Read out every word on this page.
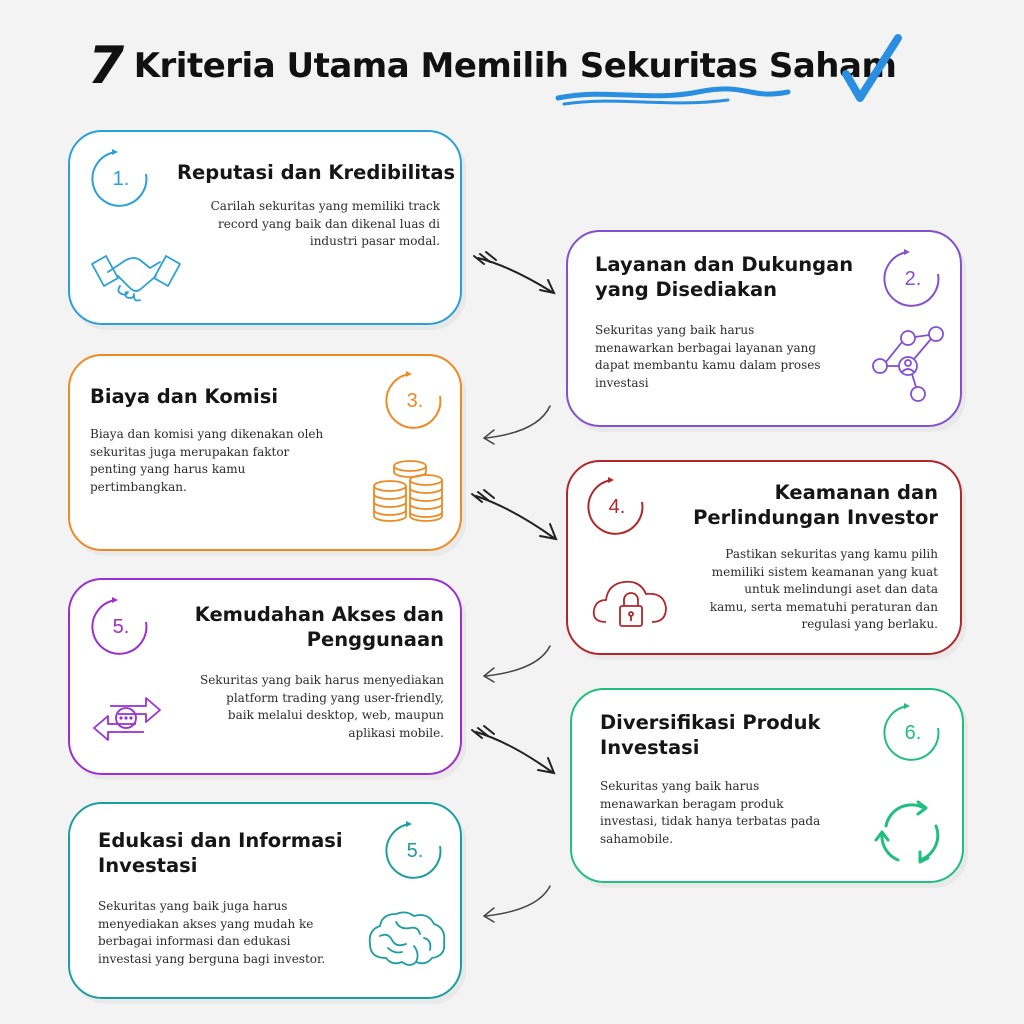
7 Kriteria Utama Memilih Sekuritas Saham
1.	Reputasi dan Kredibilitas

Carilah sekuritas yang memiliki track
record yang baik dan dikenal luas di
industri pasar modal.

Layanan dan Dukungan
yang Disediakan	2.

Sekuritas yang baik harus
menawarkan berbagai layanan yang
dapat membantu kamu dalam proses
investasi

Biaya dan Komisi	3.

Biaya dan komisi yang dikenakan oleh
sekuritas juga merupakan faktor
penting yang harus kamu
pertimbangkan.

4.
Keamanan dan
Perlindungan Investor

Pastikan sekuritas yang kamu pilih
memiliki sistem keamanan yang kuat
untuk melindungi aset dan data
kamu, serta mematuhi peraturan dan
regulasi yang berlaku.

5.
Kemudahan Akses dan
Penggunaan

Sekuritas yang baik harus menyediakan
platform trading yang user-friendly,
baik melalui desktop, web, maupun
aplikasi mobile.	Diversifikasi Produk
Investasi
6.

Sekuritas yang baik harus
menawarkan beragam produk
investasi, tidak hanya terbatas pada
sahamobile.

Edukasi dan Informasi
Investasi
5.

Sekuritas yang baik juga harus
menyediakan akses yang mudah ke
berbagai informasi dan edukasi
investasi yang berguna bagi investor.
